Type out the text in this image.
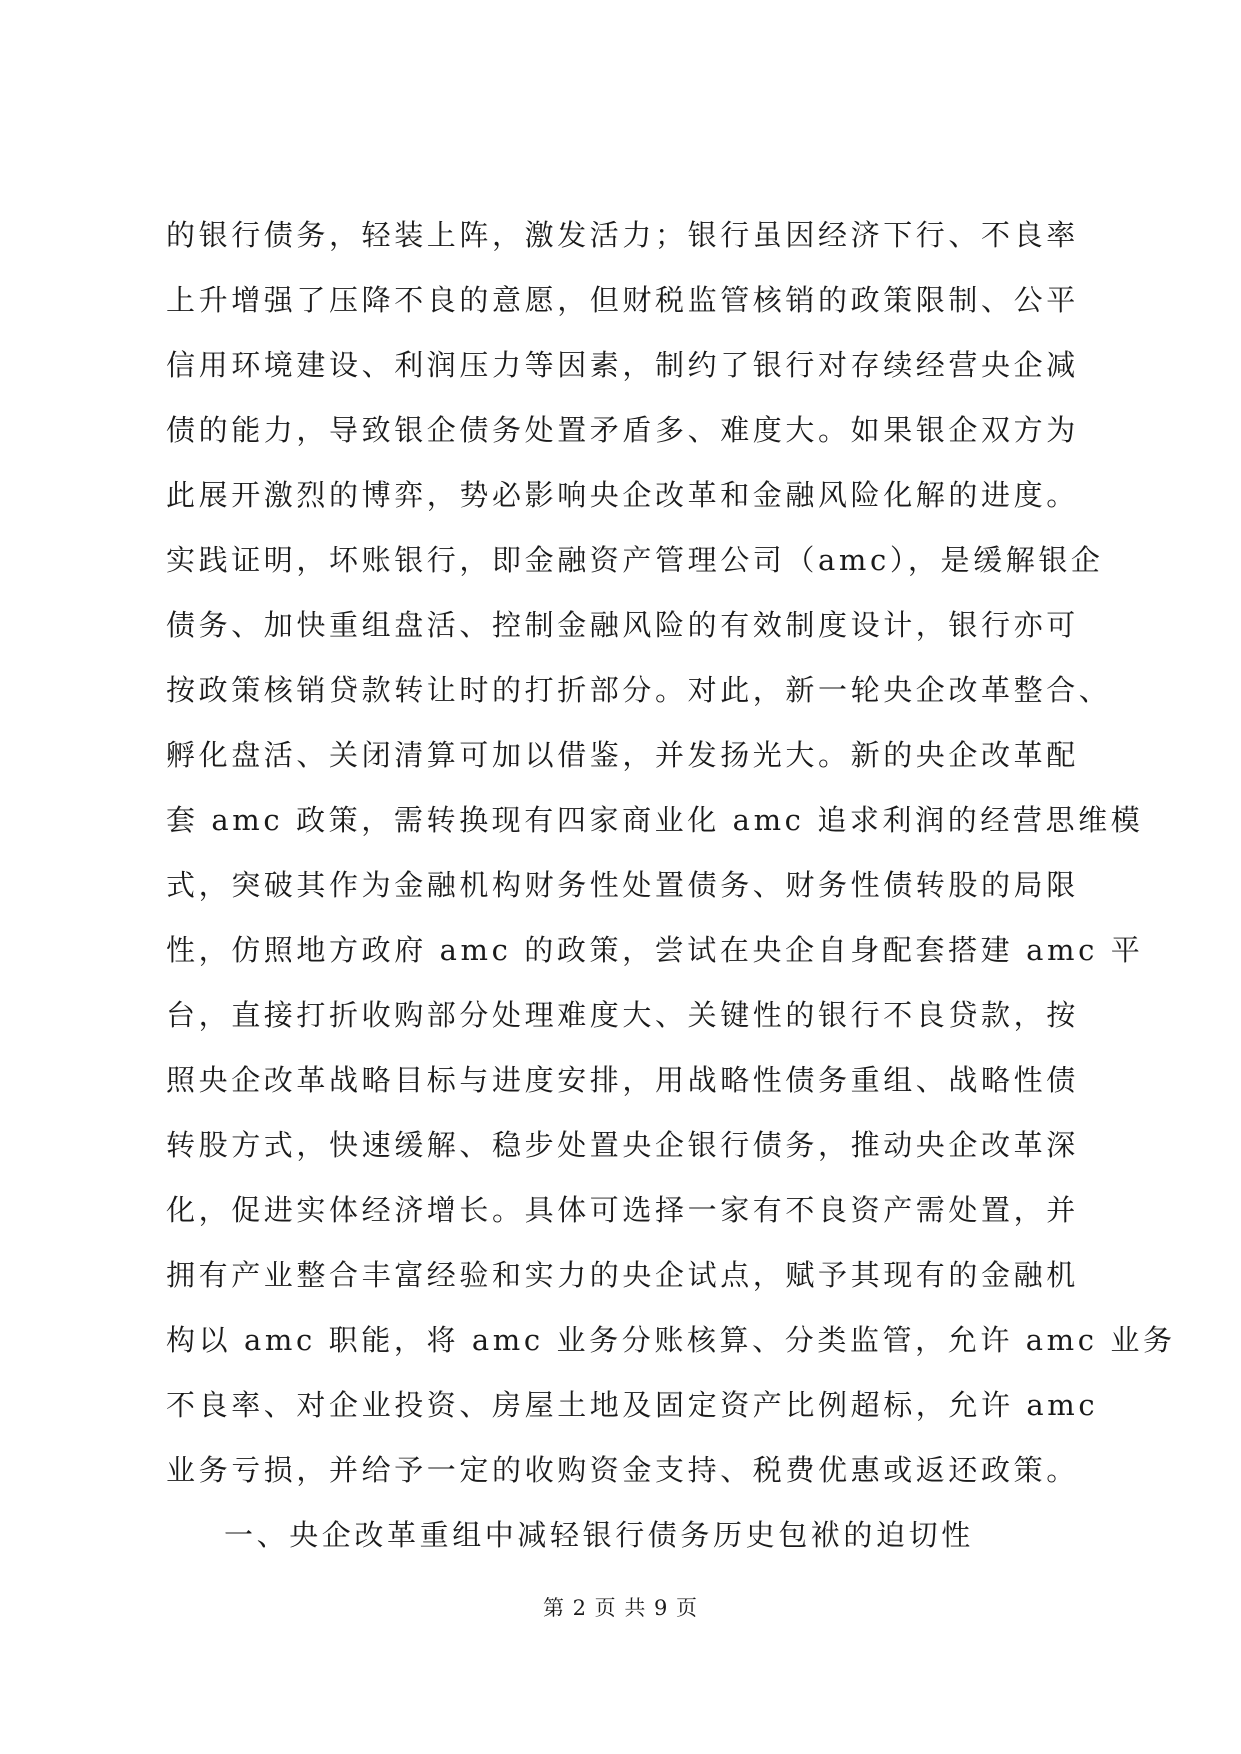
的银行债务，轻装上阵，激发活力；银行虽因经济下行、不良率
上升增强了压降不良的意愿，但财税监管核销的政策限制、公平
信用环境建设、利润压力等因素，制约了银行对存续经营央企减
债的能力，导致银企债务处置矛盾多、难度大。如果银企双方为
此展开激烈的博弈，势必影响央企改革和金融风险化解的进度。
实践证明，坏账银行，即金融资产管理公司（amc），是缓解银企
债务、加快重组盘活、控制金融风险的有效制度设计，银行亦可
按政策核销贷款转让时的打折部分。对此，新一轮央企改革整合、
孵化盘活、关闭清算可加以借鉴，并发扬光大。新的央企改革配
套 amc 政策，需转换现有四家商业化 amc 追求利润的经营思维模
式，突破其作为金融机构财务性处置债务、财务性债转股的局限
性，仿照地方政府 amc 的政策，尝试在央企自身配套搭建 amc 平
台，直接打折收购部分处理难度大、关键性的银行不良贷款，按
照央企改革战略目标与进度安排，用战略性债务重组、战略性债
转股方式，快速缓解、稳步处置央企银行债务，推动央企改革深
化，促进实体经济增长。具体可选择一家有不良资产需处置，并
拥有产业整合丰富经验和实力的央企试点，赋予其现有的金融机
构以 amc 职能，将 amc 业务分账核算、分类监管，允许 amc 业务
不良率、对企业投资、房屋土地及固定资产比例超标，允许 amc
业务亏损，并给予一定的收购资金支持、税费优惠或返还政策。
一、央企改革重组中减轻银行债务历史包袱的迫切性
第 2 页 共 9 页
